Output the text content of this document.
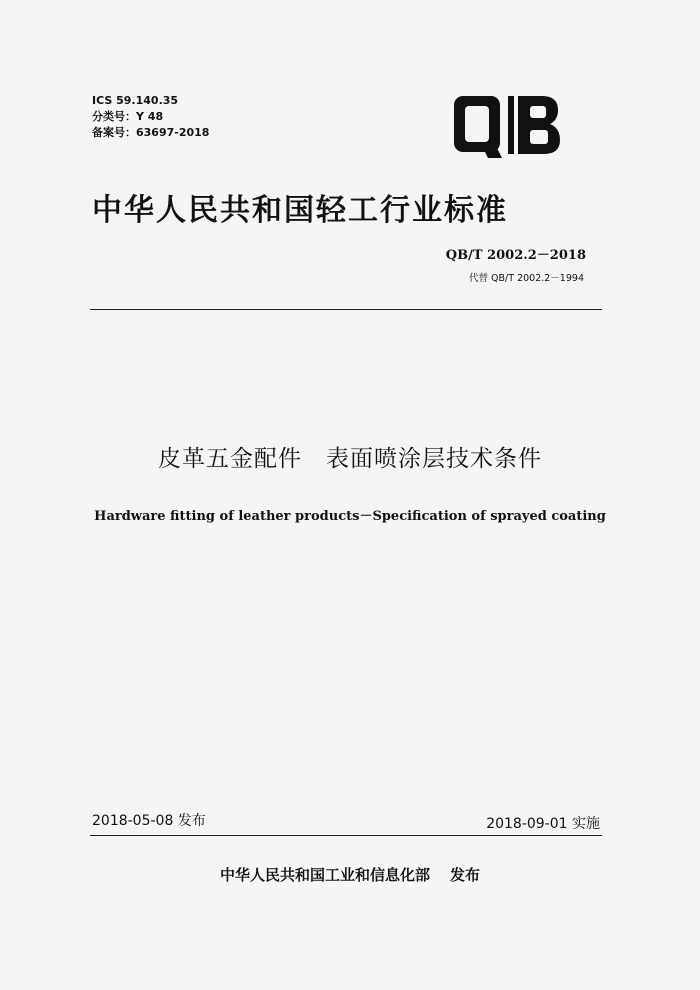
ICS 59.140.35
分类号：Y 48
备案号：63697-2018
中华人民共和国轻工行业标准
QB/T 2002.2－2018
代替 QB/T 2002.2－1994
皮革五金配件　表面喷涂层技术条件
Hardware fitting of leather products－Specification of sprayed coating
2018-05-08 发布	2018-09-01 实施
中华人民共和国工业和信息化部 发布
